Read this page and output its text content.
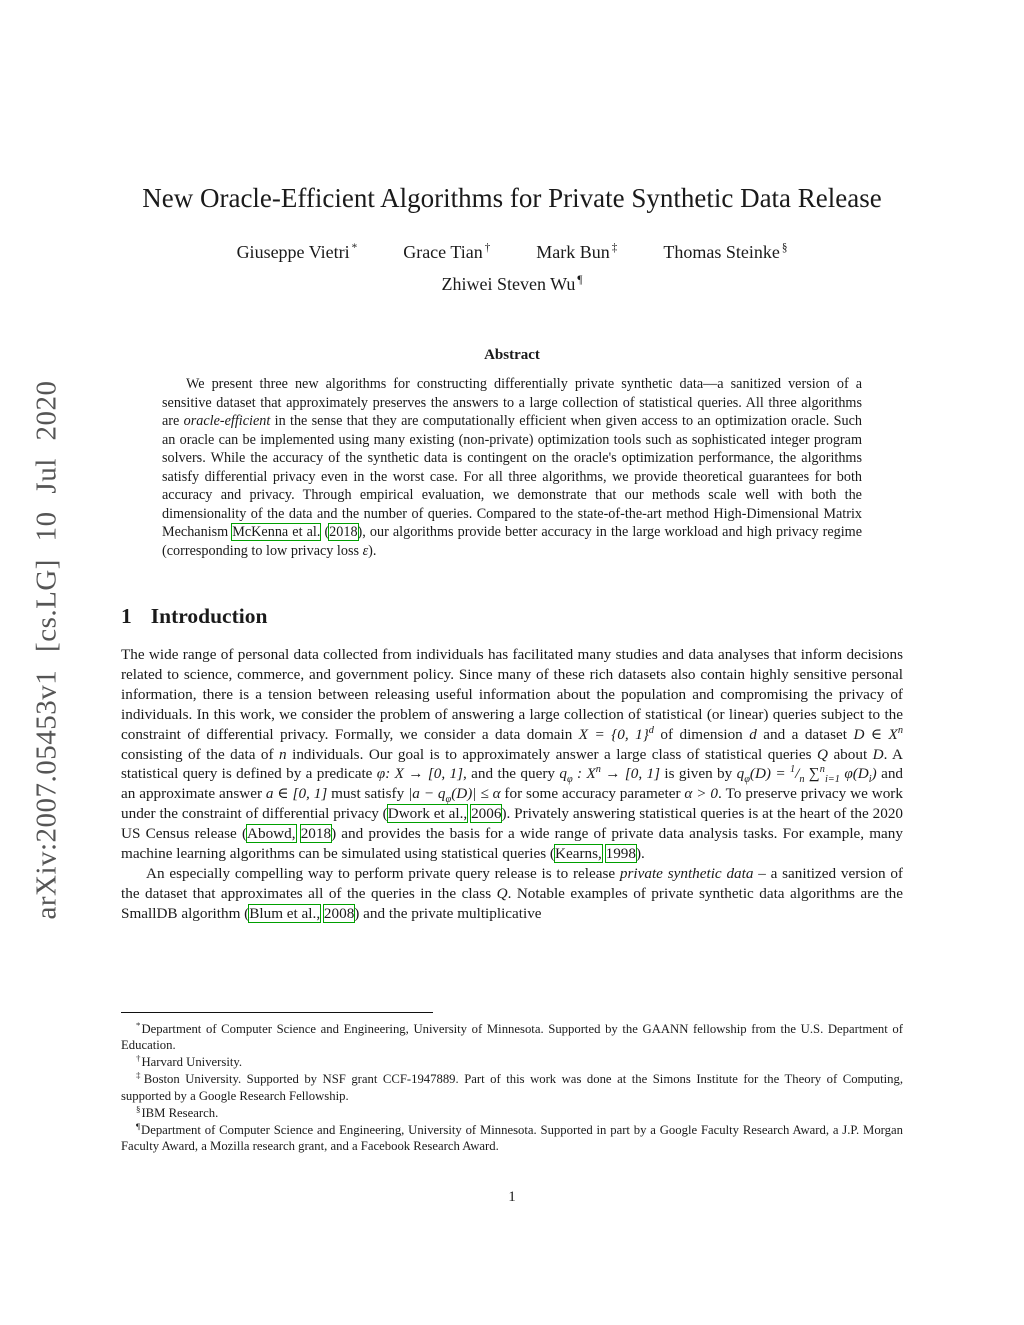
arXiv:2007.05453v1 [cs.LG] 10 Jul 2020
New Oracle-Efficient Algorithms for Private Synthetic Data Release
Giuseppe Vietri *	Grace Tian †	Mark Bun ‡	Thomas Steinke §
Zhiwei Steven Wu ¶
Abstract

We present three new algorithms for constructing differentially private synthetic data—a sanitized version of a sensitive dataset that approximately preserves the answers to a large collection of statistical queries. All three algorithms are oracle-efficient in the sense that they are computationally efficient when given access to an optimization oracle. Such an oracle can be implemented using many existing (non-private) optimization tools such as sophisticated integer program solvers. While the accuracy of the synthetic data is contingent on the oracle's optimization performance, the algorithms satisfy differential privacy even in the worst case. For all three algorithms, we provide theoretical guarantees for both accuracy and privacy. Through empirical evaluation, we demonstrate that our methods scale well with both the dimensionality of the data and the number of queries. Compared to the state-of-the-art method High-Dimensional Matrix Mechanism McKenna et al. (2018), our algorithms provide better accuracy in the large workload and high privacy regime (corresponding to low privacy loss ε).

1 Introduction

The wide range of personal data collected from individuals has facilitated many studies and data analyses that inform decisions related to science, commerce, and government policy. Since many of these rich datasets also contain highly sensitive personal information, there is a tension between releasing useful information about the population and compromising the privacy of individuals. In this work, we consider the problem of answering a large collection of statistical (or linear) queries subject to the constraint of differential privacy. Formally, we consider a data domain X = {0, 1}$^d$ of dimension d and a dataset D ∈ $X^n$ consisting of the data of n individuals. Our goal is to approximately answer a large class of statistical queries Q about D. A statistical query is defined by a predicate φ: X → [0, 1], and the query $q_\varphi$ : $X^n \to [0$, 1] is given by $q_\varphi(D) = ^1/_n$ ∑$^n_{i=1}$ $\varphi(D_i)$ and an approximate answer a ∈ [0, 1] must satisfy $|a - q_\varphi(D)| \le \alpha$ for some accuracy parameter α > 0. To preserve privacy we work under the constraint of differential privacy (Dwork et al., 2006). Privately answering statistical queries is at the heart of the 2020 US Census release (Abowd, 2018) and provides the basis for a wide range of private data analysis tasks. For example, many machine learning algorithms can be simulated using statistical queries (Kearns, 1998).

An especially compelling way to perform private query release is to release private synthetic data – a sanitized version of the dataset that approximates all of the queries in the class Q. Notable examples of private synthetic data algorithms are the SmallDB algorithm (Blum et al., 2008) and the private multiplicative

*Department of Computer Science and Engineering, University of Minnesota. Supported by the GAANN fellowship from the U.S. Department of Education.

†Harvard University.

‡Boston University. Supported by NSF grant CCF-1947889. Part of this work was done at the Simons Institute for the Theory of Computing, supported by a Google Research Fellowship.

§IBM Research.

¶Department of Computer Science and Engineering, University of Minnesota. Supported in part by a Google Faculty Research Award, a J.P. Morgan Faculty Award, a Mozilla research grant, and a Facebook Research Award.

1
